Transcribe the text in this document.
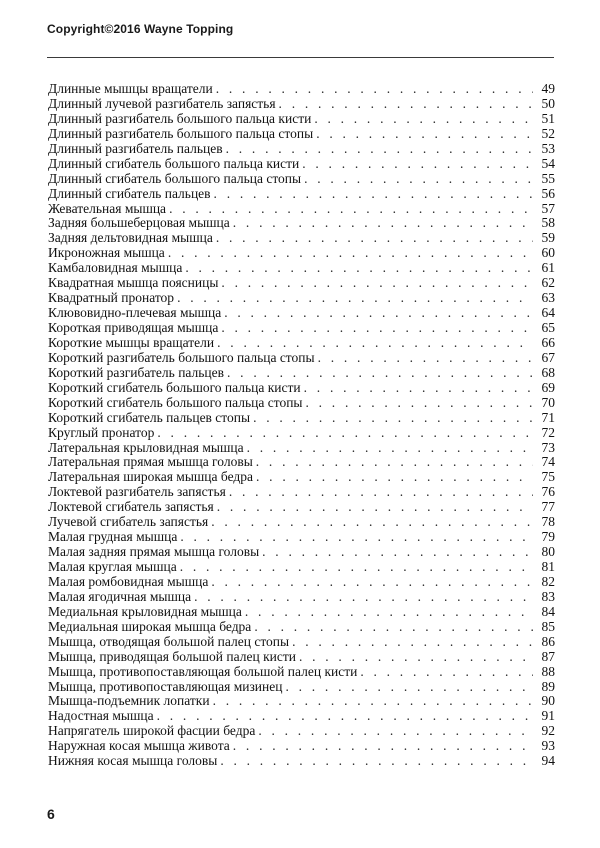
Copyright©2016 Wayne Topping
Длинные мышцы вращатели . . .	49
Длинный лучевой разгибатель запястья . . .	50
Длинный разгибатель большого пальца кисти . . .	51
Длинный разгибатель большого пальца стопы . . .	52
Длинный разгибатель пальцев . . .	53
Длинный сгибатель большого пальца кисти . . .	54
Длинный сгибатель большого пальца стопы . . .	55
Длинный сгибатель пальцев . . .	56
Жевательная мышца . . .	57
Задняя большеберцовая мышца . . .	58
Задняя дельтовидная мышца . . .	59
Икроножная мышца . . .	60
Камбаловидная мышца . . .	61
Квадратная мышца поясницы . . .	62
Квадратный пронатор . . .	63
Клювовидно-плечевая мышца . . .	64
Короткая приводящая мышца . . .	65
Короткие мышцы вращатели . . .	66
Короткий разгибатель большого пальца стопы . . .	67
Короткий разгибатель пальцев . . .	68
Короткий сгибатель большого пальца кисти . . .	69
Короткий сгибатель большого пальца стопы . . .	70
Короткий сгибатель пальцев стопы . . .	71
Круглый пронатор . . .	72
Латеральная крыловидная мышца . . .	73
Латеральная прямая мышца головы . . .	74
Латеральная широкая мышца бедра . . .	75
Локтевой разгибатель запястья . . .	76
Локтевой сгибатель запястья . . .	77
Лучевой сгибатель запястья . . .	78
Малая грудная мышца . . .	79
Малая задняя прямая мышца головы . . .	80
Малая круглая мышца . . .	81
Малая ромбовидная мышца . . .	82
Малая ягодичная мышца . . .	83
Медиальная крыловидная мышца . . .	84
Медиальная широкая мышца бедра . . .	85
Мышца, отводящая большой палец стопы . . .	86
Мышца, приводящая большой палец кисти . . .	87
Мышца, противопоставляющая большой палец кисти . . .	88
Мышца, противопоставляющая мизинец . . .	89
Мышца-подъемник лопатки . . .	90
Надостная мышца . . .	91
Напрягатель широкой фасции бедра . . .	92
Наружная косая мышца живота . . .	93
Нижняя косая мышца головы . . .	94
6
